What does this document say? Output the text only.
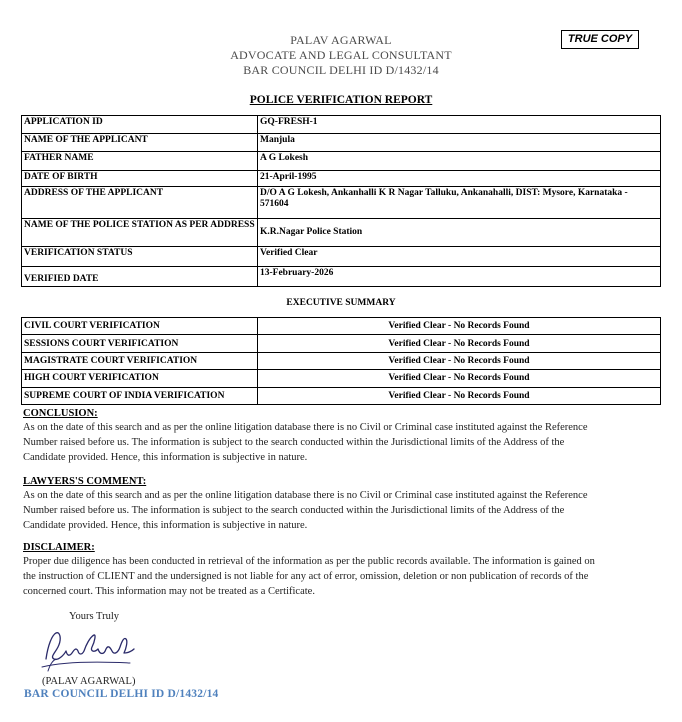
PALAV AGARWAL
ADVOCATE AND LEGAL CONSULTANT
BAR COUNCIL DELHI ID D/1432/14
TRUE COPY
POLICE VERIFICATION REPORT
APPLICATION ID	GQ-FRESH-1
NAME OF THE APPLICANT	Manjula
FATHER NAME	A G Lokesh
DATE OF BIRTH	21-April-1995
ADDRESS OF THE APPLICANT	D/O A G Lokesh, Ankanhalli K R Nagar Talluku, Ankanahalli, DIST: Mysore, Karnataka - 571604
NAME OF THE POLICE STATION AS PER ADDRESS	K.R.Nagar Police Station
VERIFICATION STATUS	Verified Clear
VERIFIED DATE	13-February-2026
EXECUTIVE SUMMARY
CIVIL COURT VERIFICATION	Verified Clear - No Records Found
SESSIONS COURT VERIFICATION	Verified Clear - No Records Found
MAGISTRATE COURT VERIFICATION	Verified Clear - No Records Found
HIGH COURT VERIFICATION	Verified Clear - No Records Found
SUPREME COURT OF INDIA VERIFICATION	Verified Clear - No Records Found
CONCLUSION:
As on the date of this search and as per the online litigation database there is no Civil or Criminal case instituted against the Reference
Number raised before us. The information is subject to the search conducted within the Jurisdictional limits of the Address of the
Candidate provided. Hence, this information is subjective in nature.
LAWYERS'S COMMENT:
As on the date of this search and as per the online litigation database there is no Civil or Criminal case instituted against the Reference
Number raised before us. The information is subject to the search conducted within the Jurisdictional limits of the Address of the
Candidate provided. Hence, this information is subjective in nature.
DISCLAIMER:
Proper due diligence has been conducted in retrieval of the information as per the public records available. The information is gained on
the instruction of CLIENT and the undersigned is not liable for any act of error, omission, deletion or non publication of records of the
concerned court. This information may not be treated as a Certificate.
Yours Truly
(PALAV AGARWAL)
BAR COUNCIL DELHI ID D/1432/14
